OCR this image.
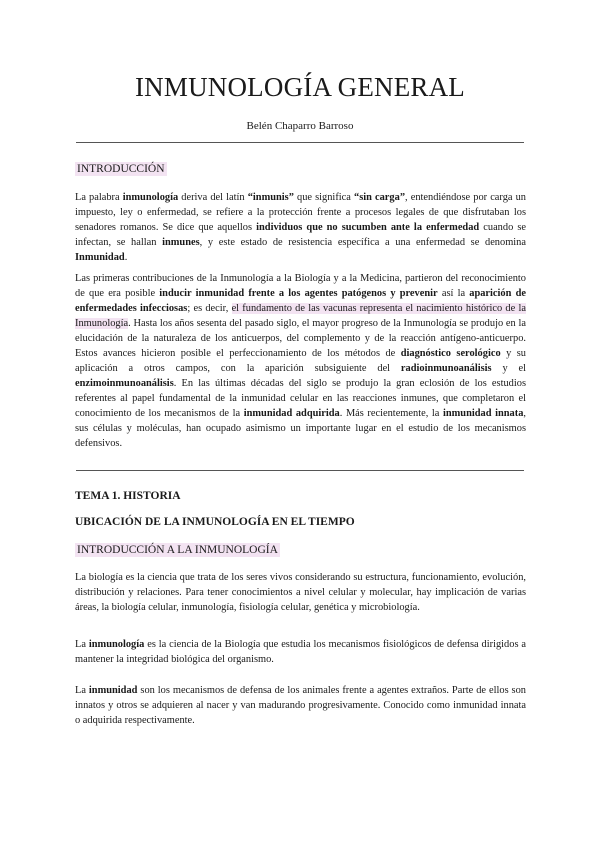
INMUNOLOGÍA GENERAL
Belén Chaparro Barroso
INTRODUCCIÓN

La palabra inmunología deriva del latín “inmunis” que significa “sin carga”, entendiéndose por carga un impuesto, ley o enfermedad, se refiere a la protección frente a procesos legales de que disfrutaban los senadores romanos. Se dice que aquellos individuos que no sucumben ante la enfermedad cuando se infectan, se hallan inmunes, y este estado de resistencia específica a una enfermedad se denomina Inmunidad.

Las primeras contribuciones de la Inmunología a la Biología y a la Medicina, partieron del reconocimiento de que era posible inducir inmunidad frente a los agentes patógenos y prevenir así la aparición de enfermedades infecciosas; es decir, el fundamento de las vacunas representa el nacimiento histórico de la Inmunología. Hasta los años sesenta del pasado siglo, el mayor progreso de la Inmunología se produjo en la elucidación de la naturaleza de los anticuerpos, del complemento y de la reacción antígeno-anticuerpo. Estos avances hicieron posible el perfeccionamiento de los métodos de diagnóstico serológico y su aplicación a otros campos, con la aparición subsiguiente del radioinmunoanálisis y el enzimoinmunoanálisis. En las últimas décadas del siglo se produjo la gran eclosión de los estudios referentes al papel fundamental de la inmunidad celular en las reacciones inmunes, que completaron el conocimiento de los mecanismos de la inmunidad adquirida. Más recientemente, la inmunidad innata, sus células y moléculas, han ocupado asimismo un importante lugar en el estudio de los mecanismos defensivos.

TEMA 1. HISTORIA
UBICACIÓN DE LA INMUNOLOGÍA EN EL TIEMPO
INTRODUCCIÓN A LA INMUNOLOGÍA

La biología es la ciencia que trata de los seres vivos considerando su estructura, funcionamiento, evolución, distribución y relaciones. Para tener conocimientos a nivel celular y molecular, hay implicación de varias áreas, la biología celular, inmunología, fisiología celular, genética y microbiología.

La inmunología es la ciencia de la Biología que estudia los mecanismos fisiológicos de defensa dirigidos a mantener la integridad biológica del organismo.

La inmunidad son los mecanismos de defensa de los animales frente a agentes extraños. Parte de ellos son innatos y otros se adquieren al nacer y van madurando progresivamente. Conocido como inmunidad innata o adquirida respectivamente.
